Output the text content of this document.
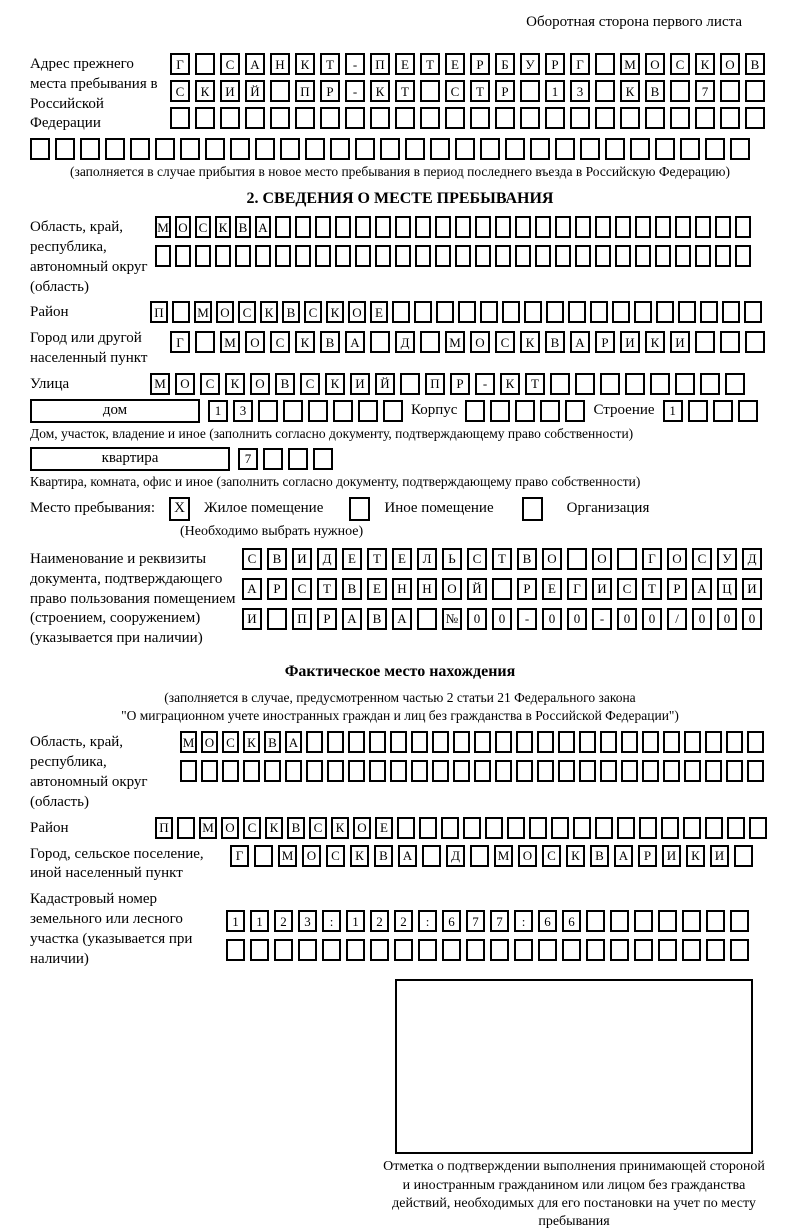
Оборотная сторона первого листа
Адрес прежнего места пребывания в Российской Федерации
Г	С	А	Н	К	Т	-	П	Е	Т	Е	Р	Б	У	Р	Г	М	О	С	К	О	В
С	К	И	Й	П	Р	-	К	Т	С	Т	Р	1	3	К	В	7
(заполняется в случае прибытия в новое место пребывания в период последнего въезда в Российскую Федерацию)
2. СВЕДЕНИЯ О МЕСТЕ ПРЕБЫВАНИЯ
Область, край, республика, автономный округ (область)
М О С К В А
Район	П	М О С	К	В	С	К О	Е
Город или другой населенный пункт
Г	М	О	С	К	В	А	Д	М	О	С	К	В	А	Р	И	К	И
Улица	М	О	С	К	О	В	С	К	И	Й	П	Р	-	К	Т
дом	1	3	Корпус	Строение	1
Дом, участок, владение и иное (заполнить согласно документу, подтверждающему право собственности)
квартира	7
Квартира, комната, офис и иное (заполнить согласно документу, подтверждающему право собственности)
Место пребывания:	X	Жилое помещение	Иное помещение	Организация
(Необходимо выбрать нужное)
Наименование и реквизиты документа, подтверждающего право пользования помещением (строением, сооружением) (указывается при наличии)
С	В	И	Д	Е	Т	Е	Л	Ь	С	Т	В	О	О	Г	О	С	У	Д
А	Р	С	Т	В	Е	Н	Н	О	Й	Р	Е	Г	И	С	Т	Р	А	Ц	И
И	П	Р	А	В	А	№	0	0	-	0	0	-	0	0	/	0	0	0
Фактическое место нахождения
(заполняется в случае, предусмотренном частью 2 статьи 21 Федерального закона
"О миграционном учете иностранных граждан и лиц без гражданства в Российской Федерации")
Область, край, республика, автономный округ (область)
М О С К В А
Район	П	М О С	К	В	С	К О	Е
Город, сельское поселение, иной населенный пункт
Г	М	О	С	К	В	А	Д	М	О	С	К	В	А	Р	И	К	И
Кадастровый номер земельного или лесного участка (указывается при наличии)
1	1	2	3	:	1	2	2	:	6	7	7	:	6	6
Отметка о подтверждении выполнения принимающей стороной и иностранным гражданином или лицом без гражданства действий, необходимых для его постановки на учет по месту пребывания
